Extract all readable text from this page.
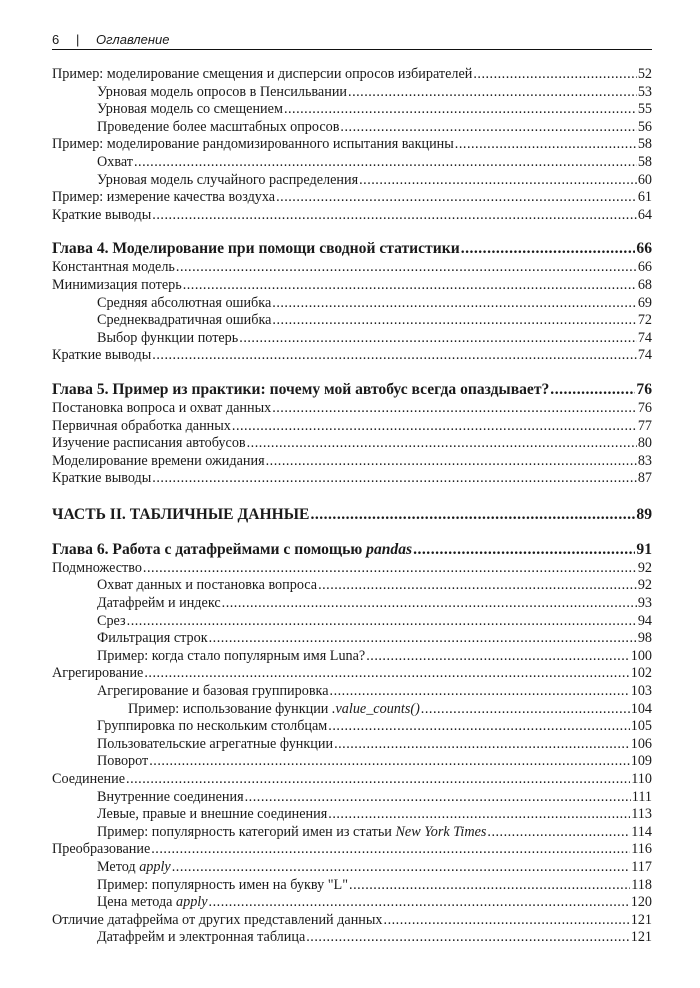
6 | Оглавление
Пример: моделирование смещения и дисперсии опросов избирателей .....	52
Урновая модель опросов в Пенсильвании .....	53
Урновая модель со смещением .....	55
Проведение более масштабных опросов .....	56
Пример: моделирование рандомизированного испытания вакцины .....	58
Охват .....	58
Урновая модель случайного распределения .....	60
Пример: измерение качества воздуха .....	61
Краткие выводы .....	64
Глава 4. Моделирование при помощи сводной статистики .....	66
Константная модель .....	66
Минимизация потерь .....	68
Средняя абсолютная ошибка .....	69
Среднеквадратичная ошибка .....	72
Выбор функции потерь .....	74
Краткие выводы .....	74
Глава 5. Пример из практики: почему мой автобус всегда опаздывает? .....	76
Постановка вопроса и охват данных .....	76
Первичная обработка данных .....	77
Изучение расписания автобусов .....	80
Моделирование времени ожидания .....	83
Краткие выводы .....	87
ЧАСТЬ II. ТАБЛИЧНЫЕ ДАННЫЕ .....	89
Глава 6. Работа с датафреймами с помощью pandas .....	91
Подмножество .....	92
Охват данных и постановка вопроса .....	92
Датафрейм и индекс .....	93
Срез .....	94
Фильтрация строк .....	98
Пример: когда стало популярным имя Luna? .....	100
Агрегирование .....	102
Агрегирование и базовая группировка .....	103
Пример: использование функции .value_counts() .....	104
Группировка по нескольким столбцам .....	105
Пользовательские агрегатные функции .....	106
Поворот .....	109
Соединение .....	110
Внутренние соединения .....	111
Левые, правые и внешние соединения .....	113
Пример: популярность категорий имен из статьи New York Times .....	114
Преобразование .....	116
Метод apply .....	117
Пример: популярность имен на букву "L" .....	118
Цена метода apply .....	120
Отличие датафрейма от других представлений данных .....	121
Датафрейм и электронная таблица .....	121
